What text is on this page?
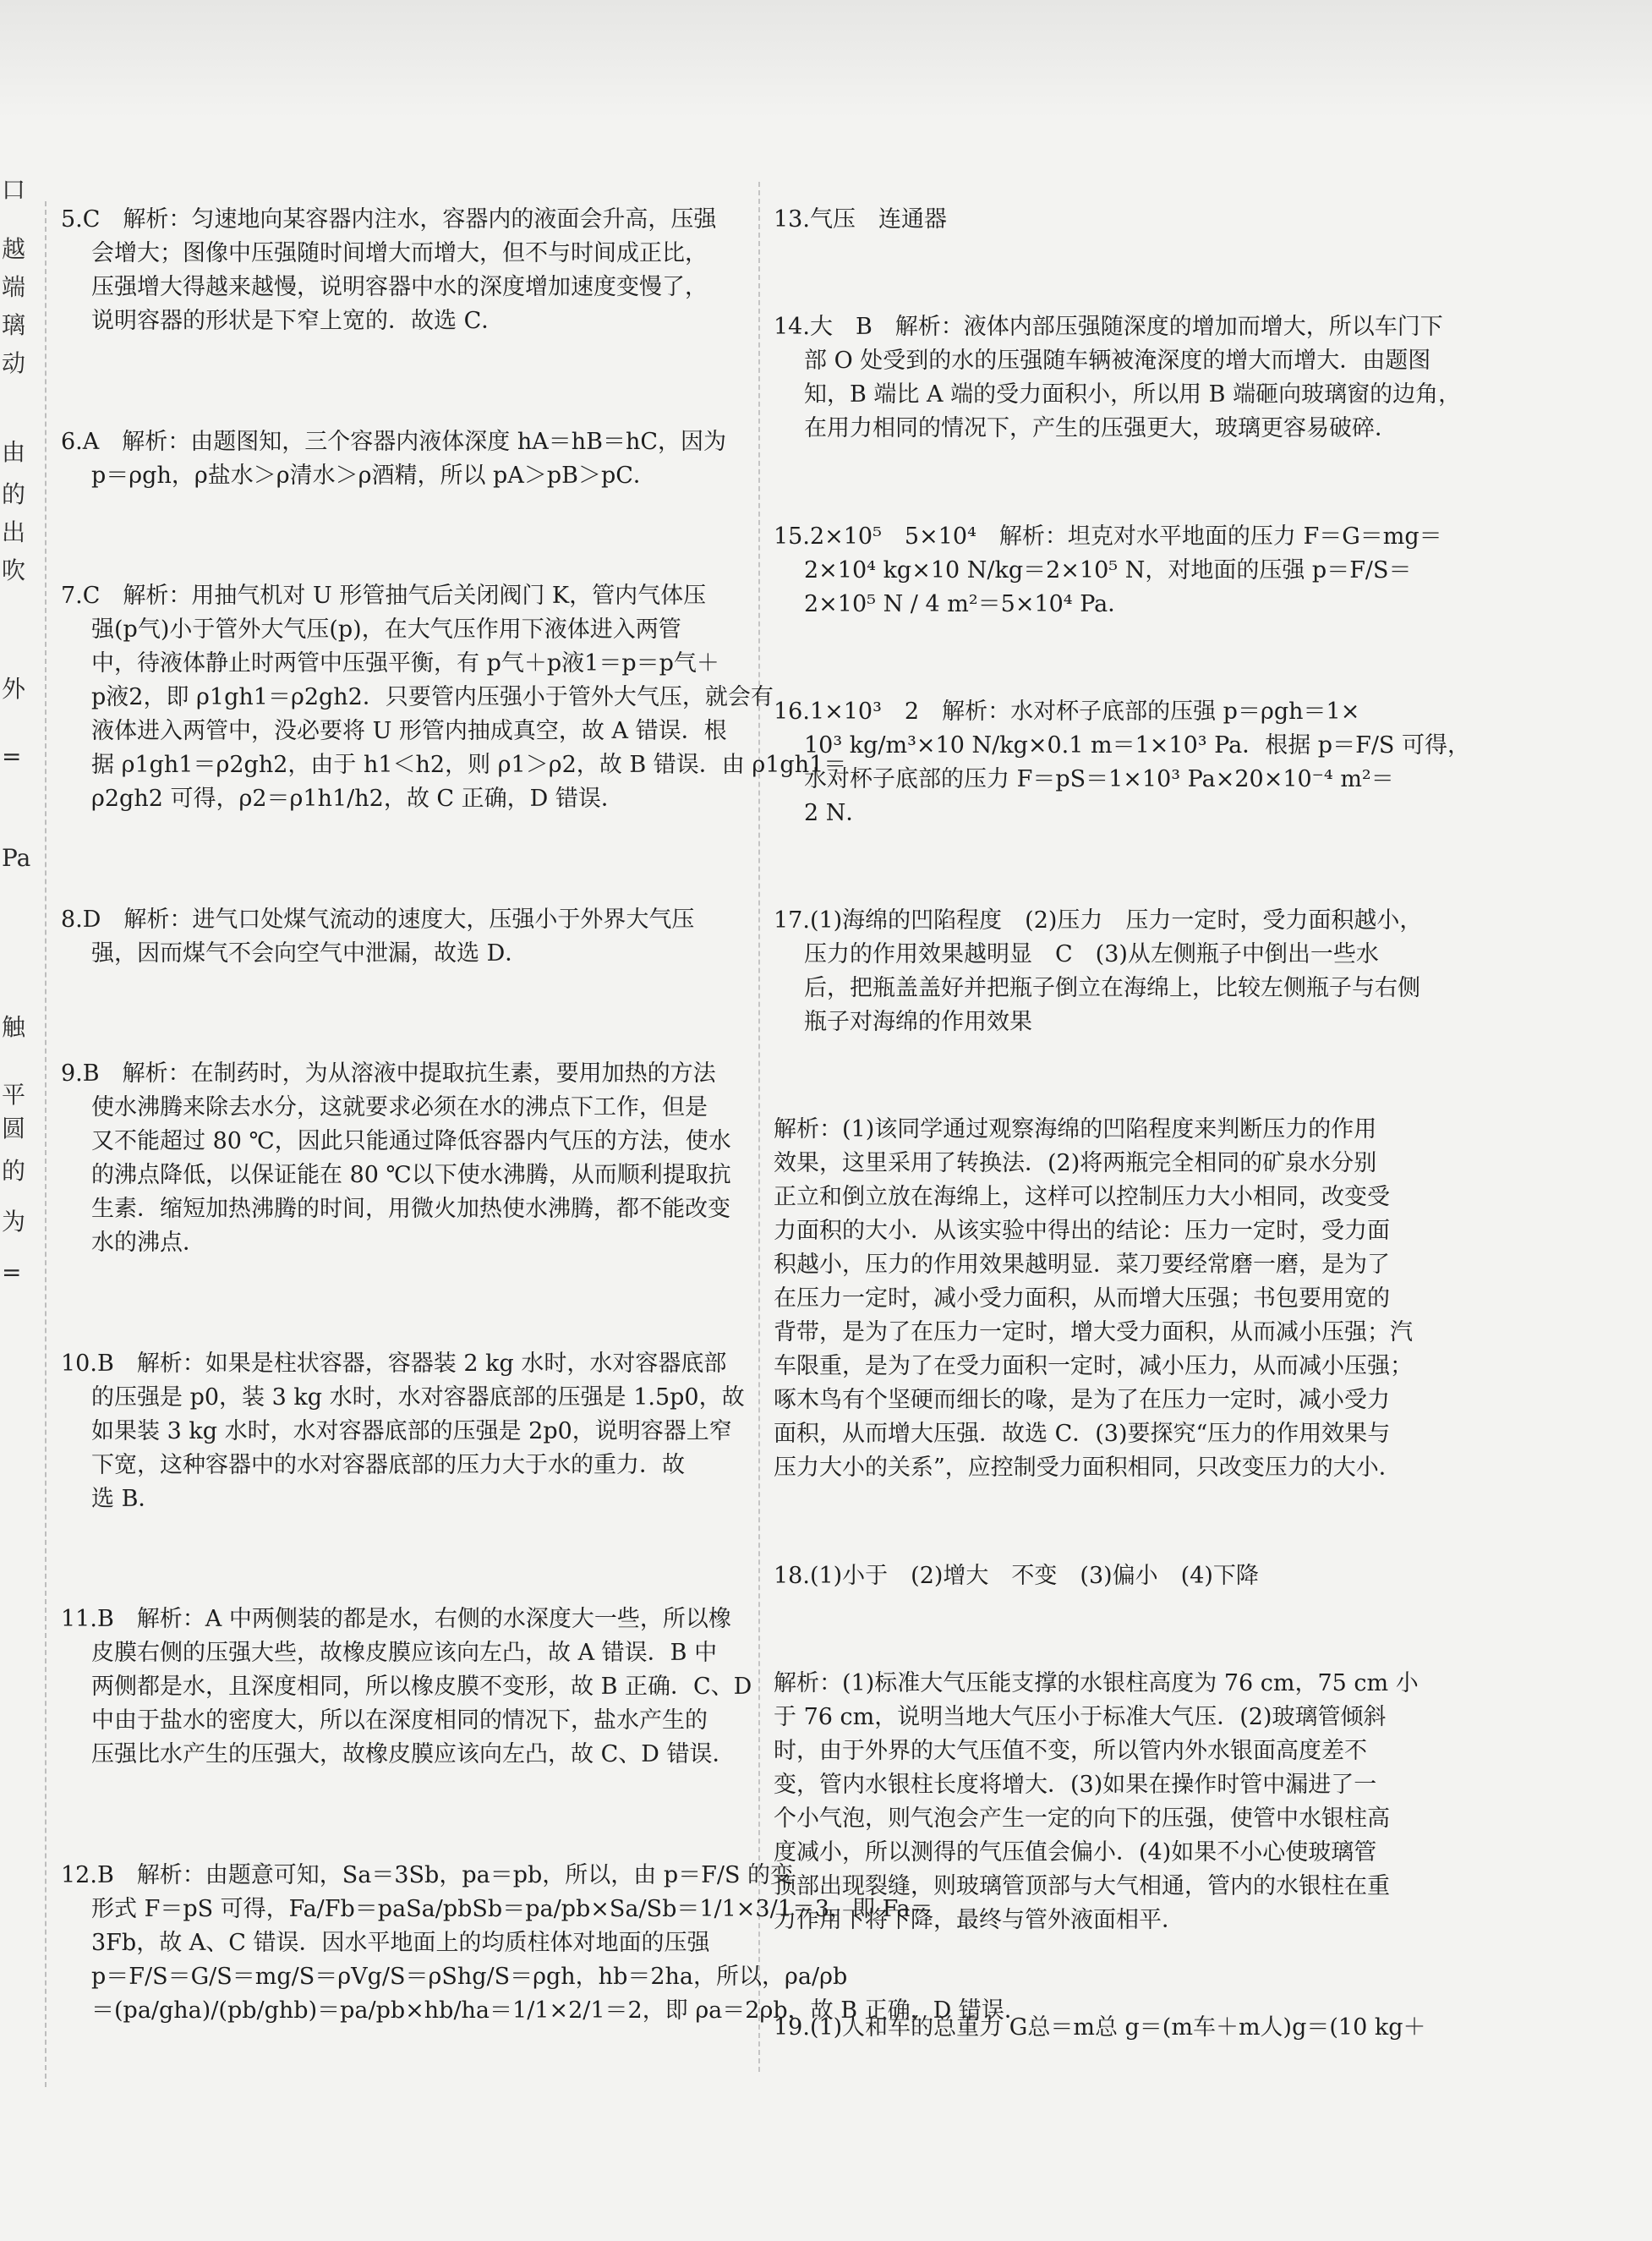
口
越
端
璃
动
由
的
出
吹
外
=
Pa
触
平
圆
的
为
=
5.C　解析：匀速地向某容器内注水，容器内的液面会升高，压强
会增大；图像中压强随时间增大而增大，但不与时间成正比，
压强增大得越来越慢，说明容器中水的深度增加速度变慢了，
说明容器的形状是下窄上宽的．故选 C．
6.A　解析：由题图知，三个容器内液体深度 hA＝hB＝hC，因为
p＝ρgh，ρ盐水＞ρ清水＞ρ酒精，所以 pA＞pB＞pC．
7.C　解析：用抽气机对 U 形管抽气后关闭阀门 K，管内气体压
强(p气)小于管外大气压(p)，在大气压作用下液体进入两管
中，待液体静止时两管中压强平衡，有 p气＋p液1＝p＝p气＋
p液2，即 ρ1gh1＝ρ2gh2．只要管内压强小于管外大气压，就会有
液体进入两管中，没必要将 U 形管内抽成真空，故 A 错误．根
据 ρ1gh1＝ρ2gh2，由于 h1＜h2，则 ρ1＞ρ2，故 B 错误．由 ρ1gh1＝
ρ2gh2 可得，ρ2＝ρ1h1/h2，故 C 正确，D 错误．
8.D　解析：进气口处煤气流动的速度大，压强小于外界大气压
强，因而煤气不会向空气中泄漏，故选 D．
9.B　解析：在制药时，为从溶液中提取抗生素，要用加热的方法
使水沸腾来除去水分，这就要求必须在水的沸点下工作，但是
又不能超过 80 ℃，因此只能通过降低容器内气压的方法，使水
的沸点降低，以保证能在 80 ℃以下使水沸腾，从而顺利提取抗
生素．缩短加热沸腾的时间，用微火加热使水沸腾，都不能改变
水的沸点．
10.B　解析：如果是柱状容器，容器装 2 kg 水时，水对容器底部
的压强是 p0，装 3 kg 水时，水对容器底部的压强是 1.5p0，故
如果装 3 kg 水时，水对容器底部的压强是 2p0，说明容器上窄
下宽，这种容器中的水对容器底部的压力大于水的重力．故
选 B．
11.B　解析：A 中两侧装的都是水，右侧的水深度大一些，所以橡
皮膜右侧的压强大些，故橡皮膜应该向左凸，故 A 错误．B 中
两侧都是水，且深度相同，所以橡皮膜不变形，故 B 正确．C、D
中由于盐水的密度大，所以在深度相同的情况下，盐水产生的
压强比水产生的压强大，故橡皮膜应该向左凸，故 C、D 错误．
12.B　解析：由题意可知，Sa＝3Sb，pa＝pb，所以，由 p＝F/S 的变
形式 F＝pS 可得，Fa/Fb＝paSa/pbSb＝pa/pb×Sa/Sb＝1/1×3/1＝3，即 Fa＝
3Fb，故 A、C 错误．因水平地面上的均质柱体对地面的压强
p＝F/S＝G/S＝mg/S＝ρVg/S＝ρShg/S＝ρgh，hb＝2ha，所以，ρa/ρb
＝(pa/gha)/(pb/ghb)＝pa/pb×hb/ha＝1/1×2/1＝2，即 ρa＝2ρb，故 B 正确，D 错误．
13.气压　连通器
14.大　B　解析：液体内部压强随深度的增加而增大，所以车门下
部 O 处受到的水的压强随车辆被淹深度的增大而增大．由题图
知，B 端比 A 端的受力面积小，所以用 B 端砸向玻璃窗的边角，
在用力相同的情况下，产生的压强更大，玻璃更容易破碎．
15.2×10⁵　5×10⁴　解析：坦克对水平地面的压力 F＝G＝mg＝
2×10⁴ kg×10 N/kg＝2×10⁵ N，对地面的压强 p＝F/S＝
2×10⁵ N / 4 m²＝5×10⁴ Pa．
16.1×10³　2　解析：水对杯子底部的压强 p＝ρgh＝1×
10³ kg/m³×10 N/kg×0.1 m＝1×10³ Pa．根据 p＝F/S 可得，
水对杯子底部的压力 F＝pS＝1×10³ Pa×20×10⁻⁴ m²＝
2 N．
17.(1)海绵的凹陷程度　(2)压力　压力一定时，受力面积越小，
压力的作用效果越明显　C　(3)从左侧瓶子中倒出一些水
后，把瓶盖盖好并把瓶子倒立在海绵上，比较左侧瓶子与右侧
瓶子对海绵的作用效果
解析：(1)该同学通过观察海绵的凹陷程度来判断压力的作用
效果，这里采用了转换法．(2)将两瓶完全相同的矿泉水分别
正立和倒立放在海绵上，这样可以控制压力大小相同，改变受
力面积的大小．从该实验中得出的结论：压力一定时，受力面
积越小，压力的作用效果越明显．菜刀要经常磨一磨，是为了
在压力一定时，减小受力面积，从而增大压强；书包要用宽的
背带，是为了在压力一定时，增大受力面积，从而减小压强；汽
车限重，是为了在受力面积一定时，减小压力，从而减小压强；
啄木鸟有个坚硬而细长的喙，是为了在压力一定时，减小受力
面积，从而增大压强．故选 C．(3)要探究“压力的作用效果与
压力大小的关系”，应控制受力面积相同，只改变压力的大小．
18.(1)小于　(2)增大　不变　(3)偏小　(4)下降
解析：(1)标准大气压能支撑的水银柱高度为 76 cm，75 cm 小
于 76 cm，说明当地大气压小于标准大气压．(2)玻璃管倾斜
时，由于外界的大气压值不变，所以管内外水银面高度差不
变，管内水银柱长度将增大．(3)如果在操作时管中漏进了一
个小气泡，则气泡会产生一定的向下的压强，使管中水银柱高
度减小，所以测得的气压值会偏小．(4)如果不小心使玻璃管
顶部出现裂缝，则玻璃管顶部与大气相通，管内的水银柱在重
力作用下将下降，最终与管外液面相平．
19.(1)人和车的总重力 G总＝m总 g＝(m车＋m人)g＝(10 kg＋
